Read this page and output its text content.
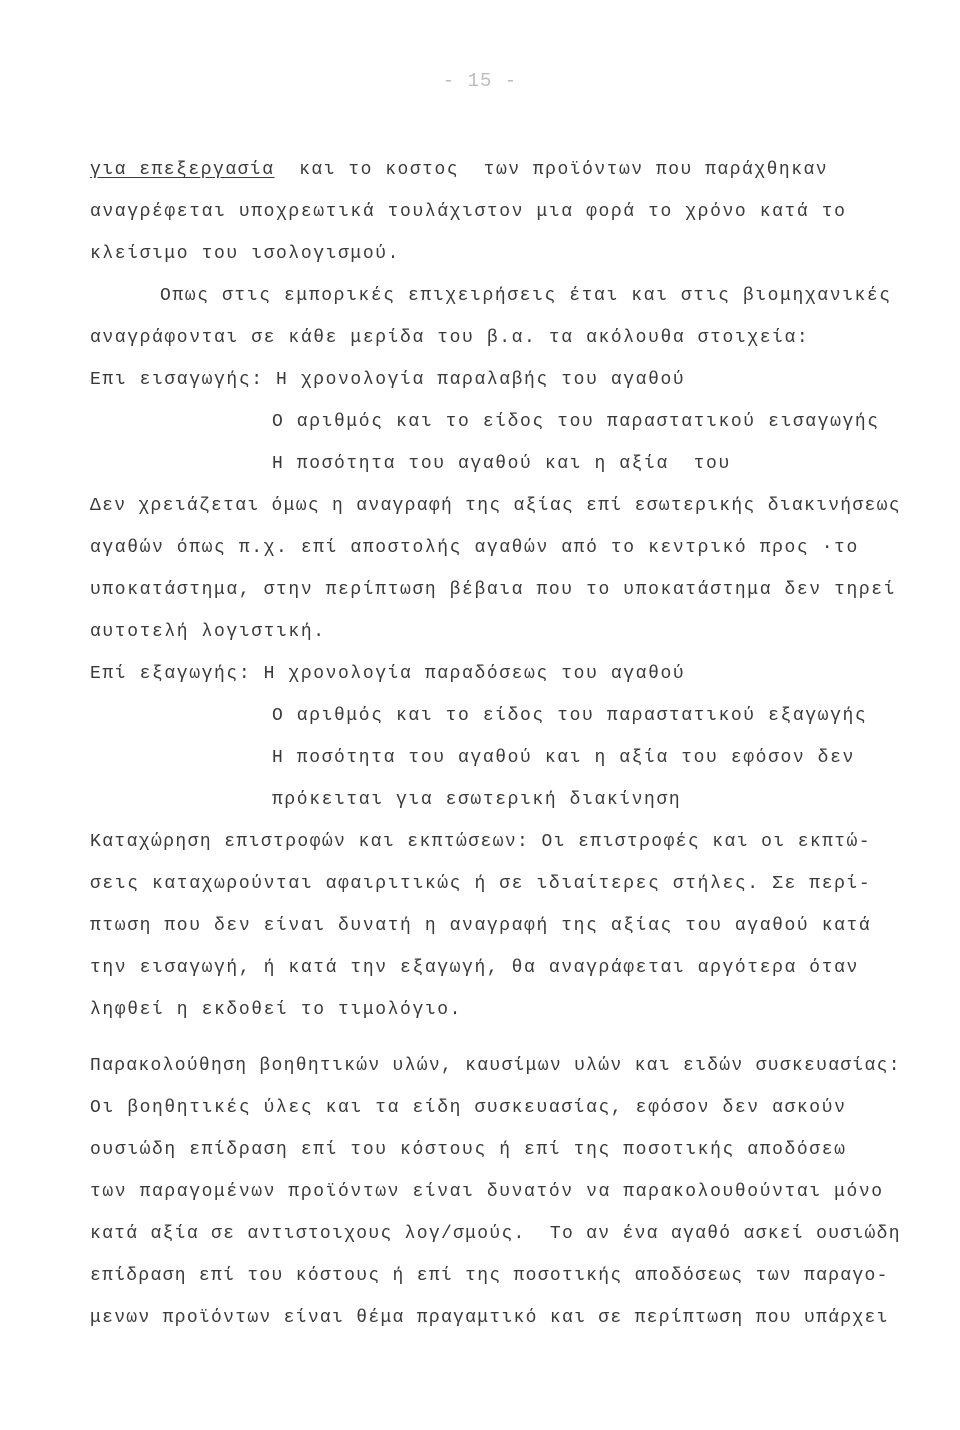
- 15 -
για επεξεργασία  και το κοστος  των προϊόντων που παράχθηκαν
αναγρέφεται υποχρεωτικά τουλάχιστον μια φορά το χρόνο κατά το
κλείσιμο του ισολογισμού.
Οπως στις εμπορικές επιχειρήσεις έται και στις βιομηχανικές
αναγράφονται σε κάθε μερίδα του β.α. τα ακόλουθα στοιχεία:
Επι εισαγωγής: Η χρονολογία παραλαβής του αγαθού
Ο αριθμός και το είδος του παραστατικού εισαγωγής
Η ποσότητα του αγαθού και η αξία  του
Δεν χρειάζεται όμως η αναγραφή της αξίας επί εσωτερικής διακινήσεως
αγαθών όπως π.χ. επί αποστολής αγαθών από το κεντρικό προς ·το
υποκατάστημα, στην περίπτωση βέβαια που το υποκατάστημα δεν τηρεί
αυτοτελή λογιστική.
Επί εξαγωγής: Η χρονολογία παραδόσεως του αγαθού
Ο αριθμός και το είδος του παραστατικού εξαγωγής
Η ποσότητα του αγαθού και η αξία του εφόσον δεν
πρόκειται για εσωτερική διακίνηση
Καταχώρηση επιστροφών και εκπτώσεων: Οι επιστροφές και οι εκπτώ-
σεις καταχωρούνται αφαιριτικώς ή σε ιδιαίτερες στήλες. Σε περί-
πτωση που δεν είναι δυνατή η αναγραφή της αξίας του αγαθού κατά
την εισαγωγή, ή κατά την εξαγωγή, θα αναγράφεται αργότερα όταν
ληφθεί η εκδοθεί το τιμολόγιο.
Παρακολούθηση βοηθητικών υλών, καυσίμων υλών και ειδών συσκευασίας:
Οι βοηθητικές ύλες και τα είδη συσκευασίας, εφόσον δεν ασκούν
ουσιώδη επίδραση επί του κόστους ή επί της ποσοτικής αποδόσεω
των παραγομένων προϊόντων είναι δυνατόν να παρακολουθούνται μόνο
κατά αξία σε αντιστοιχους λογ/σμούς.  Το αν ένα αγαθό ασκεί ουσιώδη
επίδραση επί του κόστους ή επί της ποσοτικής αποδόσεως των παραγο-
μενων προϊόντων είναι θέμα πραγαμτικό και σε περίπτωση που υπάρχει
